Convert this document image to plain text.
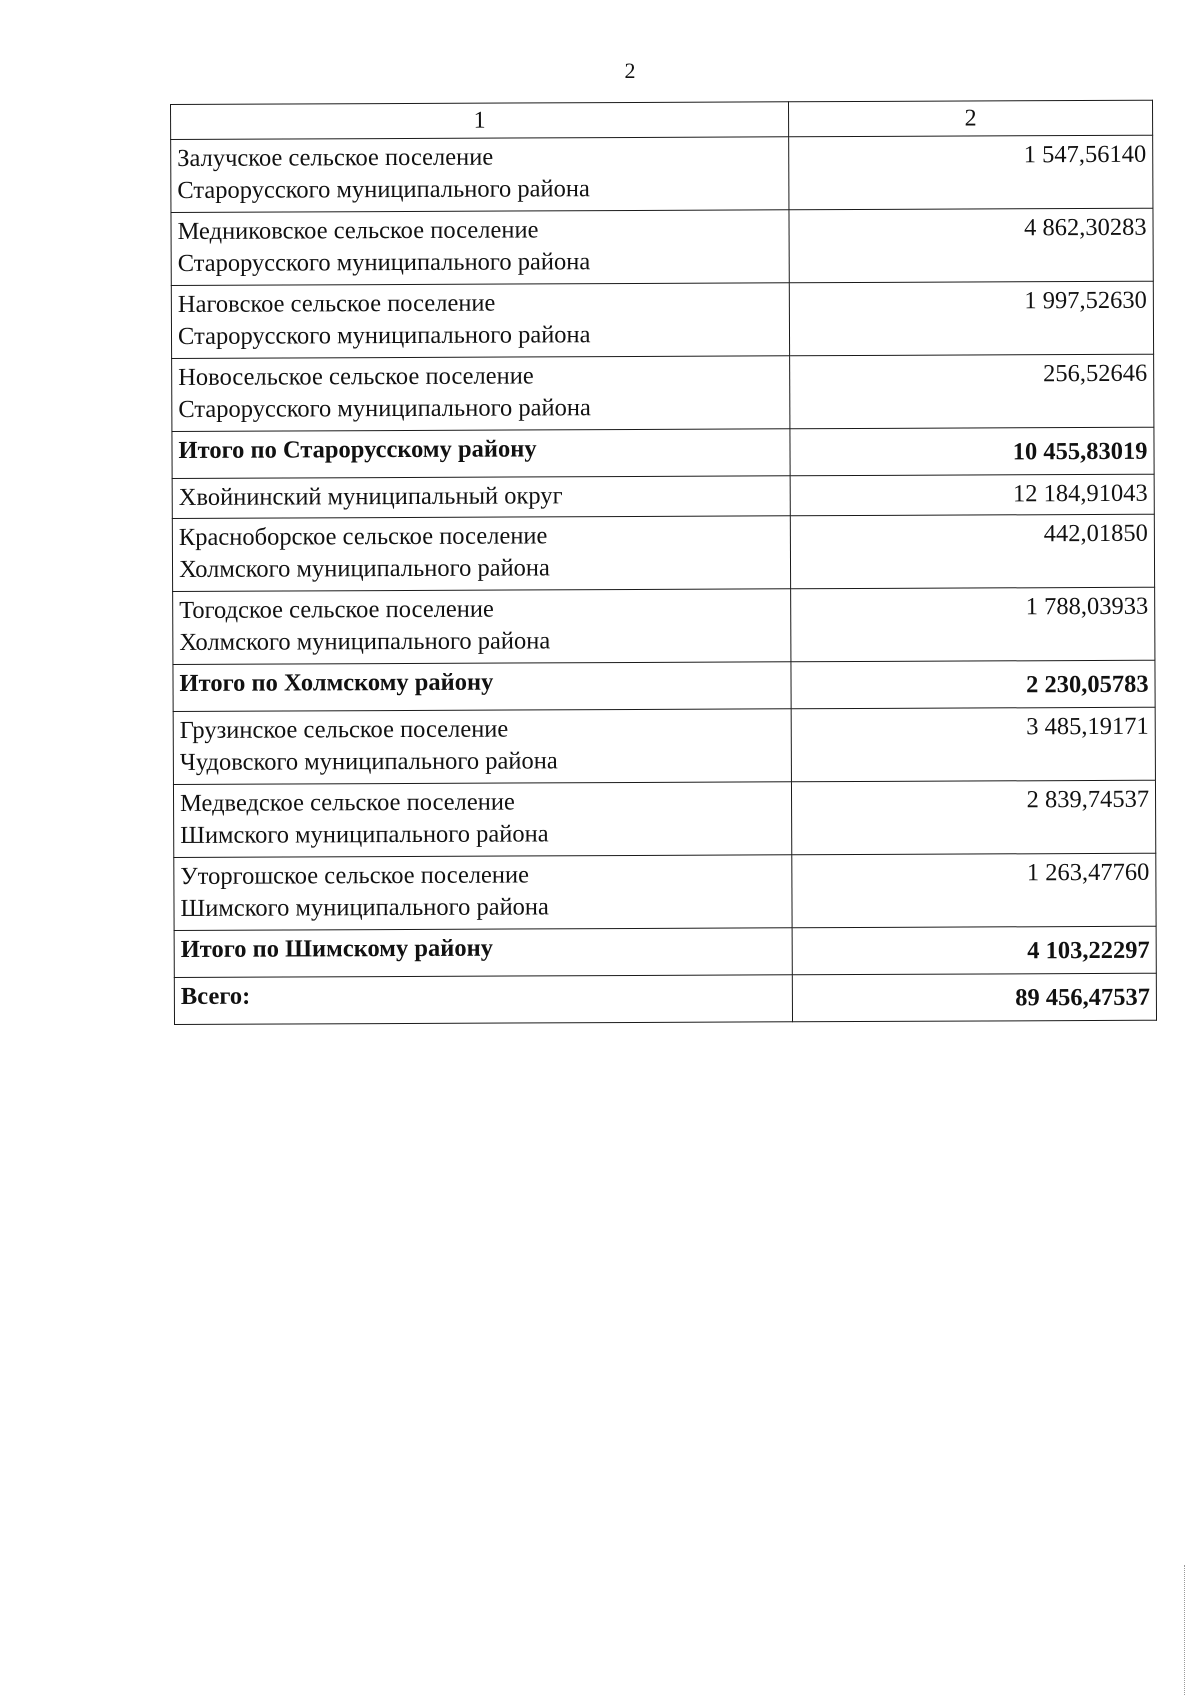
2
1	2

Залучское сельское поселение
Старорусского муниципального района	1 547,56140

Медниковское сельское поселение
Старорусского муниципального района	4 862,30283

Наговское сельское поселение
Старорусского муниципального района	1 997,52630

Новосельское сельское поселение
Старорусского муниципального района	256,52646
Итого по Старорусскому району	10 455,83019
Хвойнинский муниципальный округ	12 184,91043

Красноборское сельское поселение
Холмского муниципального района	442,01850

Тогодское сельское поселение
Холмского муниципального района	1 788,03933
Итого по Холмскому району	2 230,05783

Грузинское сельское поселение
Чудовского муниципального района	3 485,19171

Медведское сельское поселение
Шимского муниципального района	2 839,74537

Уторгошское сельское поселение
Шимского муниципального района	1 263,47760
Итого по Шимскому району	4 103,22297
Всего:	89 456,47537
